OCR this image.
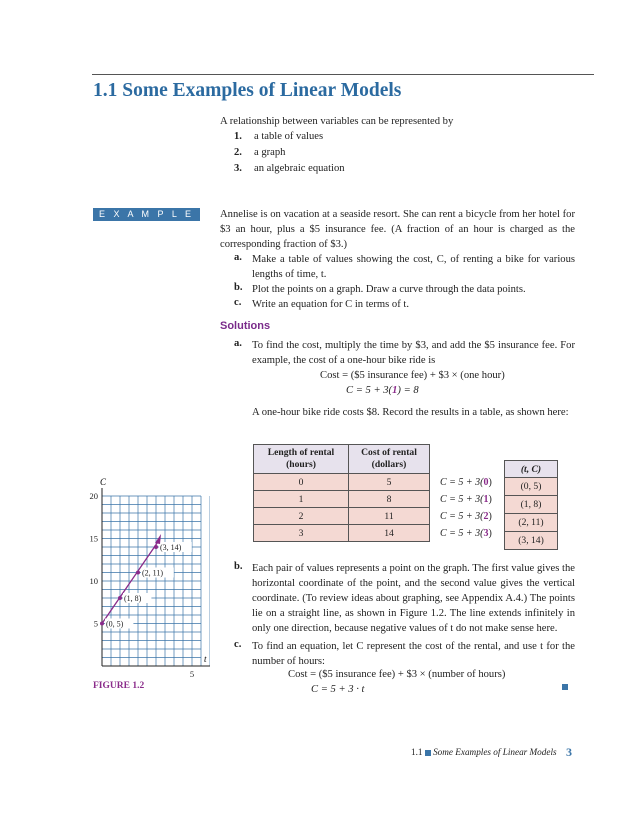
1.1 Some Examples of Linear Models
A relationship between variables can be represented by
1. a table of values
2. a graph
3. an algebraic equation
E X A M P L E 1
Annelise is on vacation at a seaside resort. She can rent a bicycle from her hotel for $3 an hour, plus a $5 insurance fee. (A fraction of an hour is charged as the corresponding fraction of $3.)
a. Make a table of values showing the cost, C, of renting a bike for various lengths of time, t.
b. Plot the points on a graph. Draw a curve through the data points.
c. Write an equation for C in terms of t.
Solutions
a. To find the cost, multiply the time by $3, and add the $5 insurance fee. For example, the cost of a one-hour bike ride is
Cost = ($5 insurance fee) + $3 × (one hour)
C = 5 + 3(1) = 8
A one-hour bike ride costs $8. Record the results in a table, as shown here:
Length of rental (hours)	Cost of rental (dollars)
0	5
1	8
2	11
3	14
C = 5 + 3(0)
C = 5 + 3(1)
C = 5 + 3(2)
C = 5 + 3(3)
(t, C)
(0, 5)
(1, 8)
(2, 11)
(3, 14)
b. Each pair of values represents a point on the graph. The first value gives the horizontal coordinate of the point, and the second value gives the vertical coordinate. (To review ideas about graphing, see Appendix A.4.) The points lie on a straight line, as shown in Figure 1.2. The line extends infinitely in only one direction, because negative values of t do not make sense here.
c. To find an equation, let C represent the cost of the rental, and use t for the number of hours:
Cost = ($5 insurance fee) + $3 × (number of hours)
C = 5 + 3 · t
5
10
15
20
5
(0, 5)
(1, 8)
(2, 11)
(3, 14)
C
t
FIGURE 1.2
1.1 Some Examples of Linear Models 3
